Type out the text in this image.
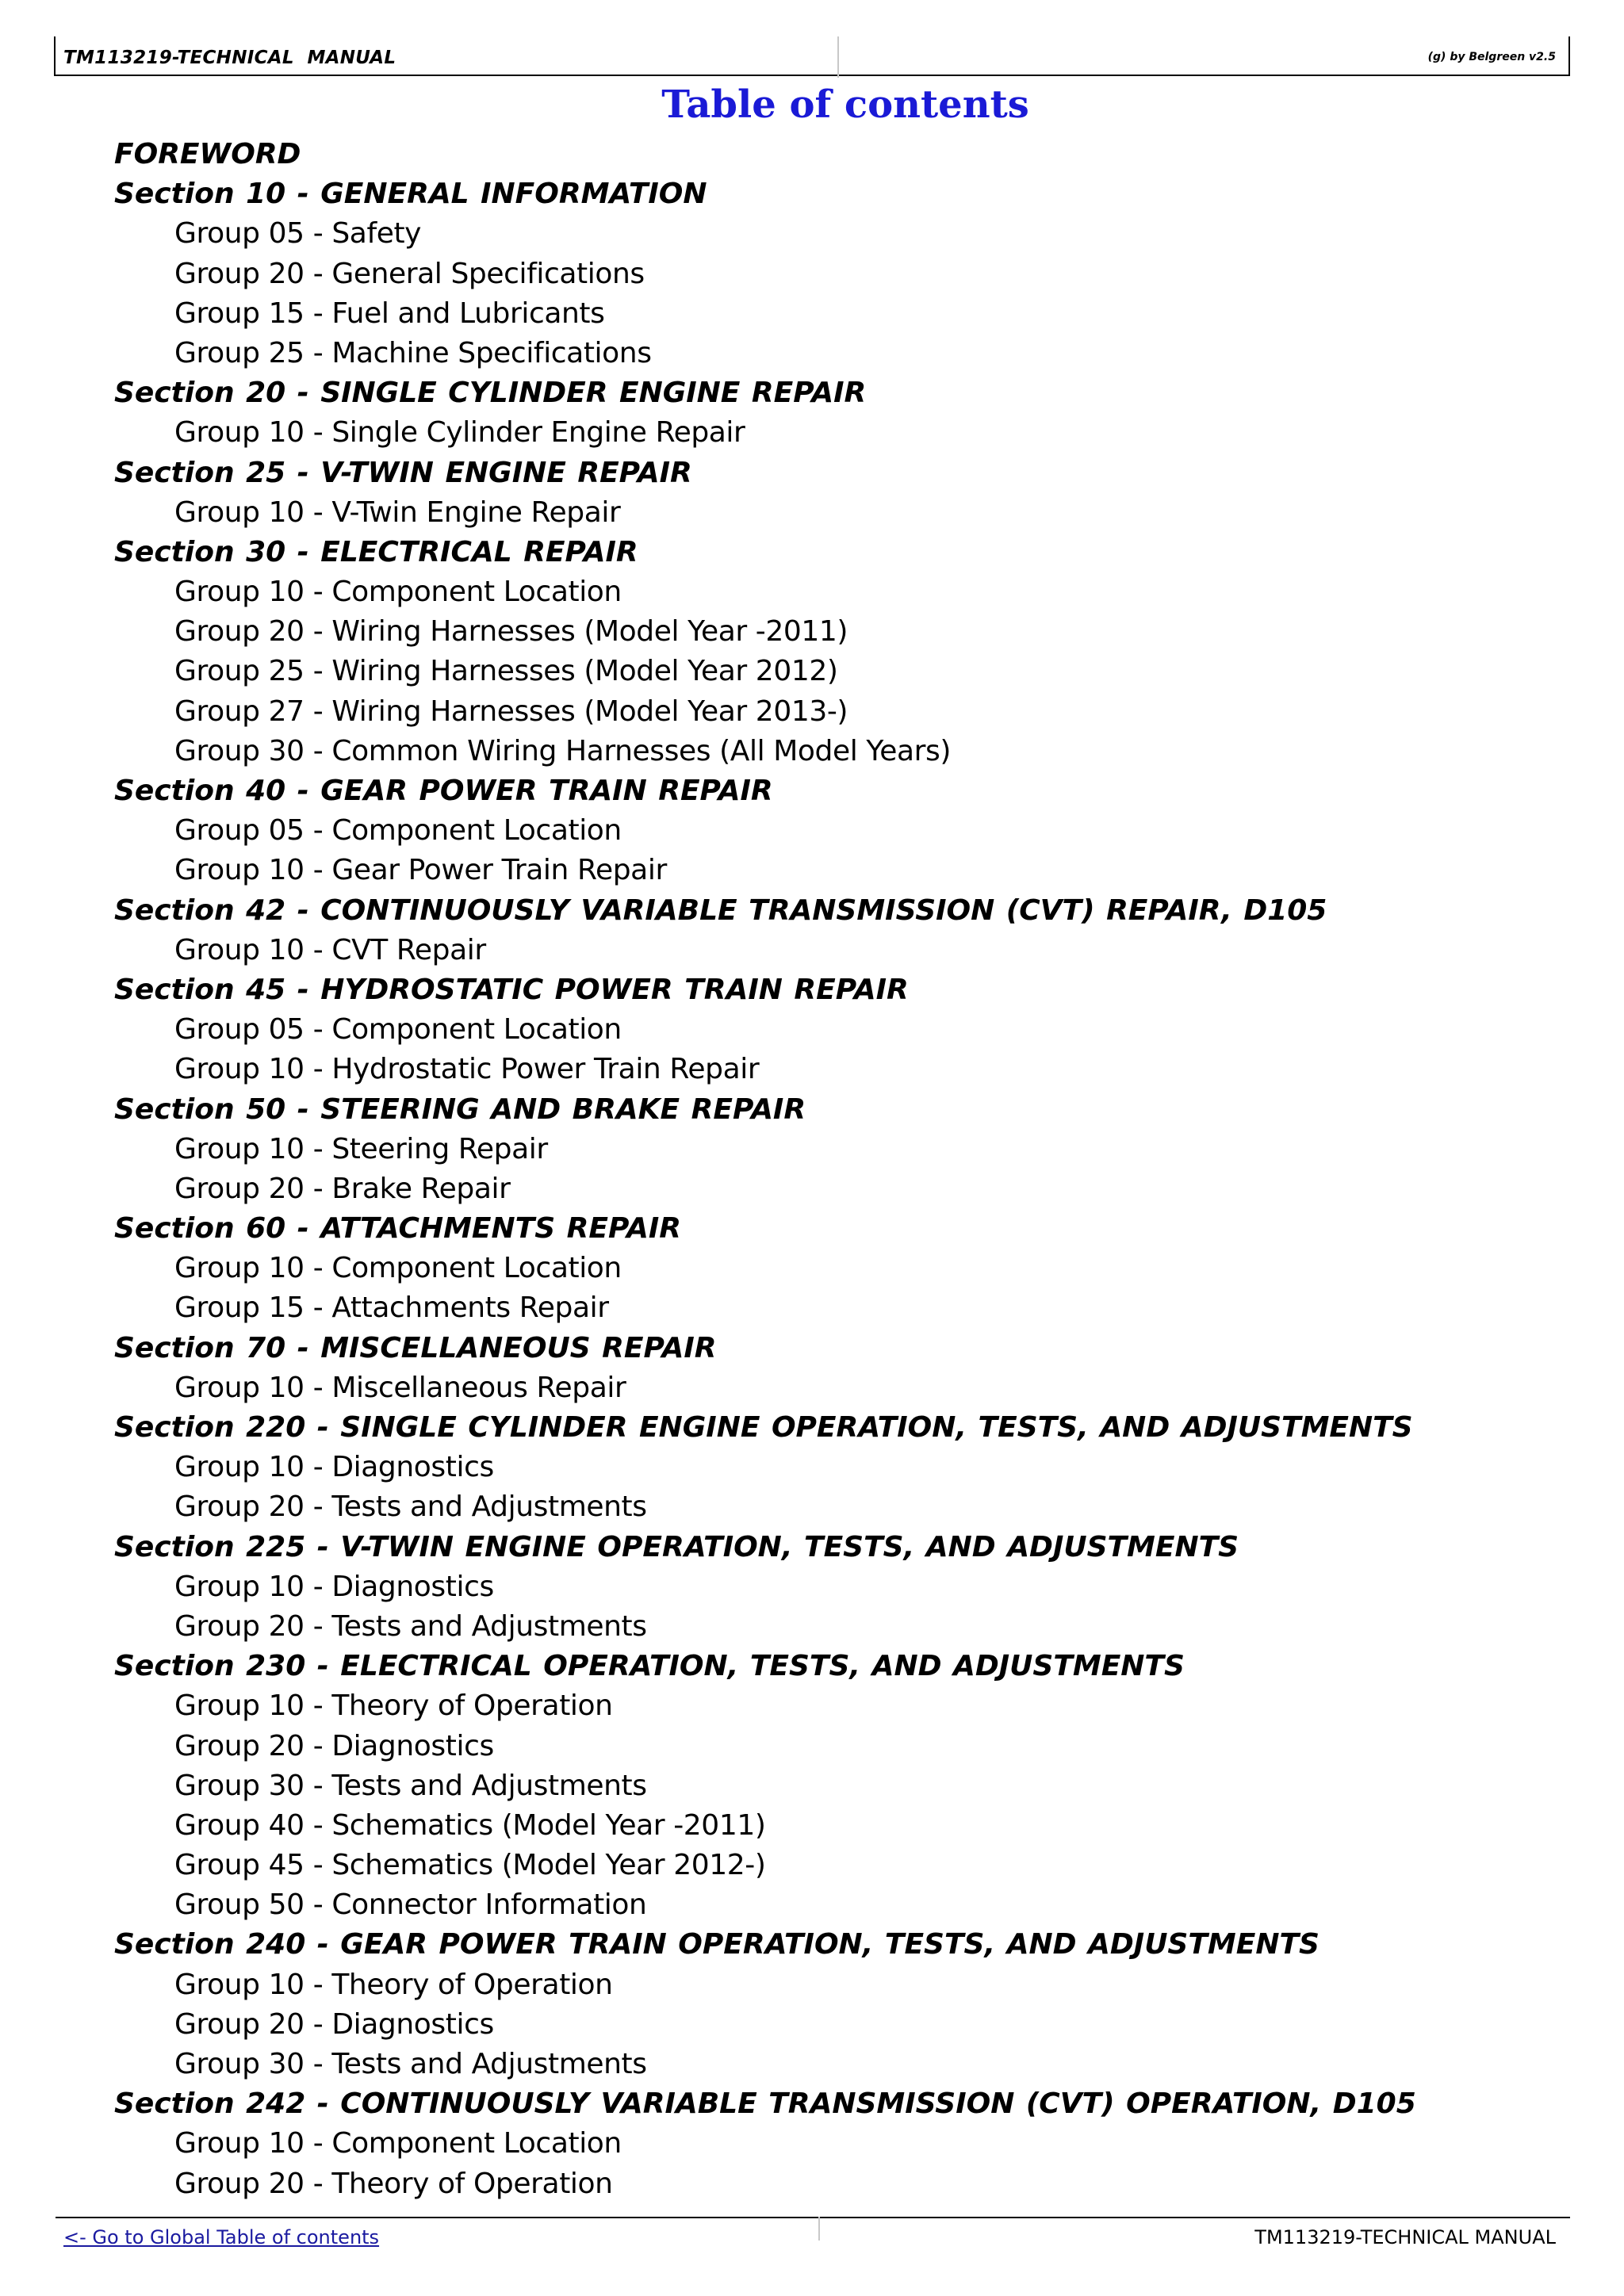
TM113219-TECHNICAL  MANUAL	(g) by Belgreen v2.5
Table of contents
FOREWORD
Section 10 - GENERAL INFORMATION
Group 05 - Safety
Group 20 - General Specifications
Group 15 - Fuel and Lubricants
Group 25 - Machine Specifications
Section 20 - SINGLE CYLINDER ENGINE REPAIR
Group 10 - Single Cylinder Engine Repair
Section 25 - V-TWIN ENGINE REPAIR
Group 10 - V-Twin Engine Repair
Section 30 - ELECTRICAL REPAIR
Group 10 - Component Location
Group 20 - Wiring Harnesses (Model Year -2011)
Group 25 - Wiring Harnesses (Model Year 2012)
Group 27 - Wiring Harnesses (Model Year 2013-)
Group 30 - Common Wiring Harnesses (All Model Years)
Section 40 - GEAR POWER TRAIN REPAIR
Group 05 - Component Location
Group 10 - Gear Power Train Repair
Section 42 - CONTINUOUSLY VARIABLE TRANSMISSION (CVT) REPAIR, D105
Group 10 - CVT Repair
Section 45 - HYDROSTATIC POWER TRAIN REPAIR
Group 05 - Component Location
Group 10 - Hydrostatic Power Train Repair
Section 50 - STEERING AND BRAKE REPAIR
Group 10 - Steering Repair
Group 20 - Brake Repair
Section 60 - ATTACHMENTS REPAIR
Group 10 - Component Location
Group 15 - Attachments Repair
Section 70 - MISCELLANEOUS REPAIR
Group 10 - Miscellaneous Repair
Section 220 - SINGLE CYLINDER ENGINE OPERATION, TESTS, AND ADJUSTMENTS
Group 10 - Diagnostics
Group 20 - Tests and Adjustments
Section 225 - V-TWIN ENGINE OPERATION, TESTS, AND ADJUSTMENTS
Group 10 - Diagnostics
Group 20 - Tests and Adjustments
Section 230 - ELECTRICAL OPERATION, TESTS, AND ADJUSTMENTS
Group 10 - Theory of Operation
Group 20 - Diagnostics
Group 30 - Tests and Adjustments
Group 40 - Schematics (Model Year -2011)
Group 45 - Schematics (Model Year 2012-)
Group 50 - Connector Information
Section 240 - GEAR POWER TRAIN OPERATION, TESTS, AND ADJUSTMENTS
Group 10 - Theory of Operation
Group 20 - Diagnostics
Group 30 - Tests and Adjustments
Section 242 - CONTINUOUSLY VARIABLE TRANSMISSION (CVT) OPERATION, D105
Group 10 - Component Location
Group 20 - Theory of Operation
<- Go to Global Table of contents	TM113219-TECHNICAL MANUAL
